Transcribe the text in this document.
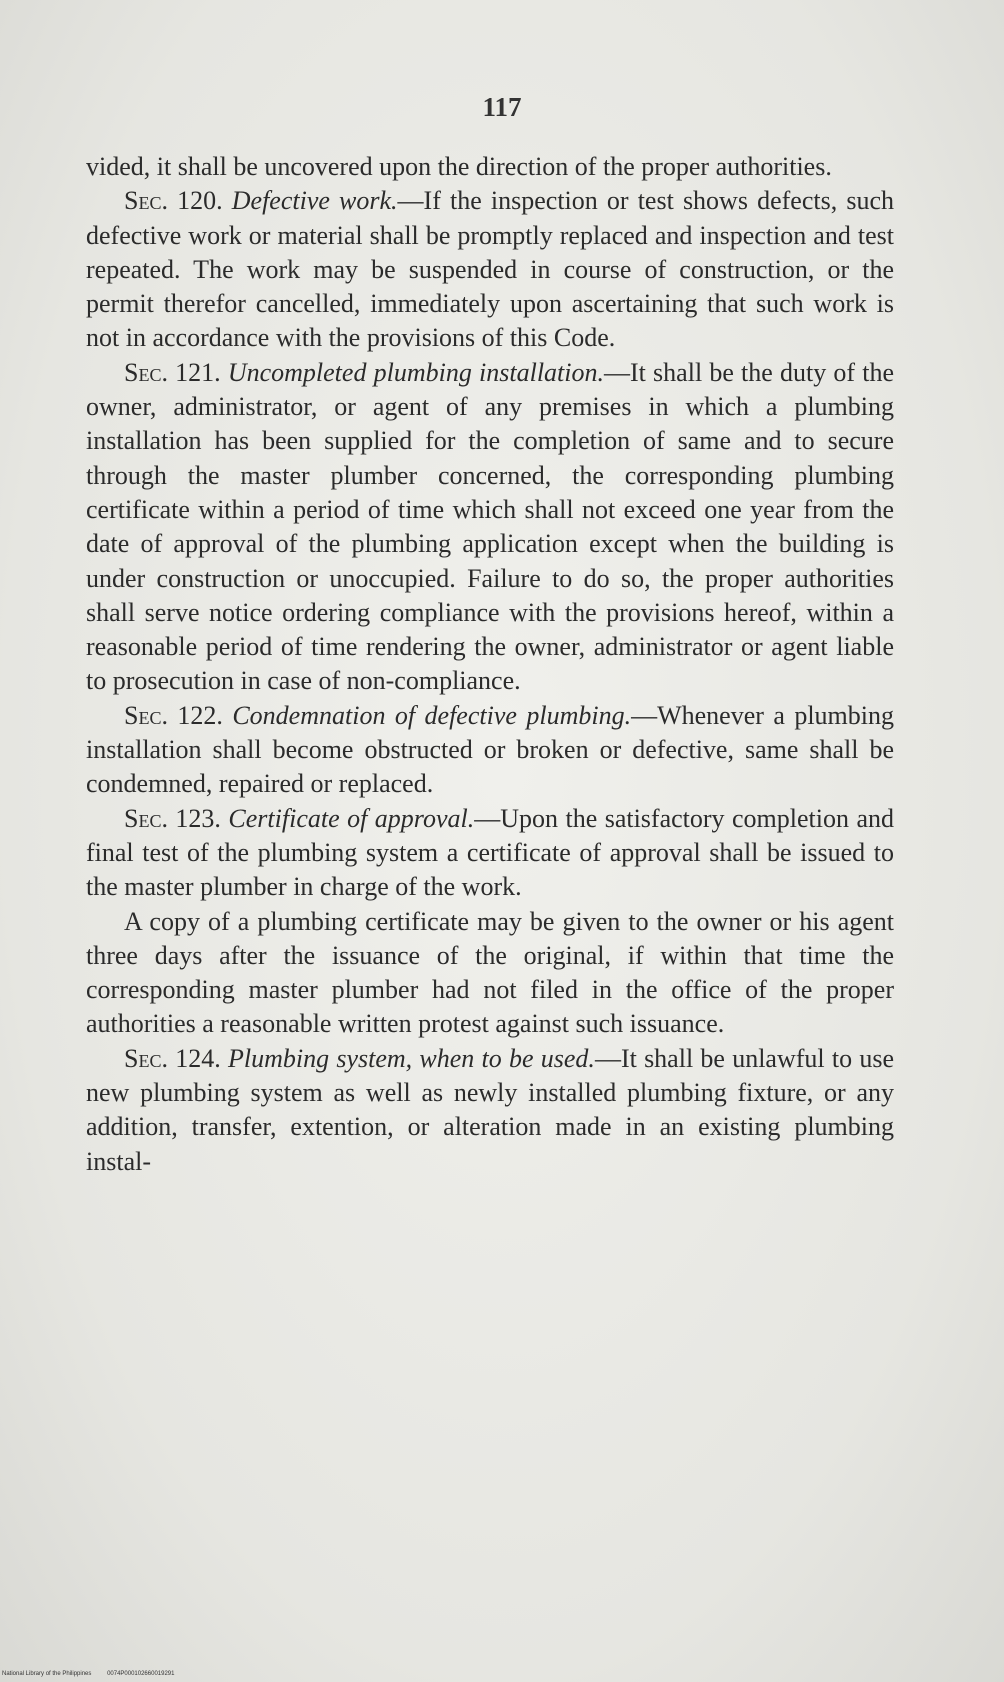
117

vided, it shall be uncovered upon the direction of the proper authorities.

Sec. 120. Defective work.—If the inspection or test shows defects, such defective work or material shall be promptly replaced and inspection and test repeated. The work may be suspended in course of construction, or the permit therefor cancelled, immediately upon ascertaining that such work is not in accordance with the provisions of this Code.

Sec. 121. Uncompleted plumbing installation.—It shall be the duty of the owner, administrator, or agent of any premises in which a plumbing installation has been supplied for the completion of same and to secure through the master plumber concerned, the corresponding plumbing certificate within a period of time which shall not exceed one year from the date of approval of the plumbing application except when the building is under construction or unoccupied. Failure to do so, the proper authorities shall serve notice ordering compliance with the provisions hereof, within a reasonable period of time rendering the owner, administrator or agent liable to prosecution in case of non-compliance.

Sec. 122. Condemnation of defective plumbing.—Whenever a plumbing installation shall become obstructed or broken or defective, same shall be condemned, repaired or replaced.

Sec. 123. Certificate of approval.—Upon the satisfactory completion and final test of the plumbing system a certificate of approval shall be issued to the master plumber in charge of the work.

A copy of a plumbing certificate may be given to the owner or his agent three days after the issuance of the original, if within that time the corresponding master plumber had not filed in the office of the proper authorities a reasonable written protest against such issuance.

Sec. 124. Plumbing system, when to be used.—It shall be unlawful to use new plumbing system as well as newly installed plumbing fixture, or any addition, transfer, extention, or alteration made in an existing plumbing instal-

National Library of the Philippines	0074P000102660019291
